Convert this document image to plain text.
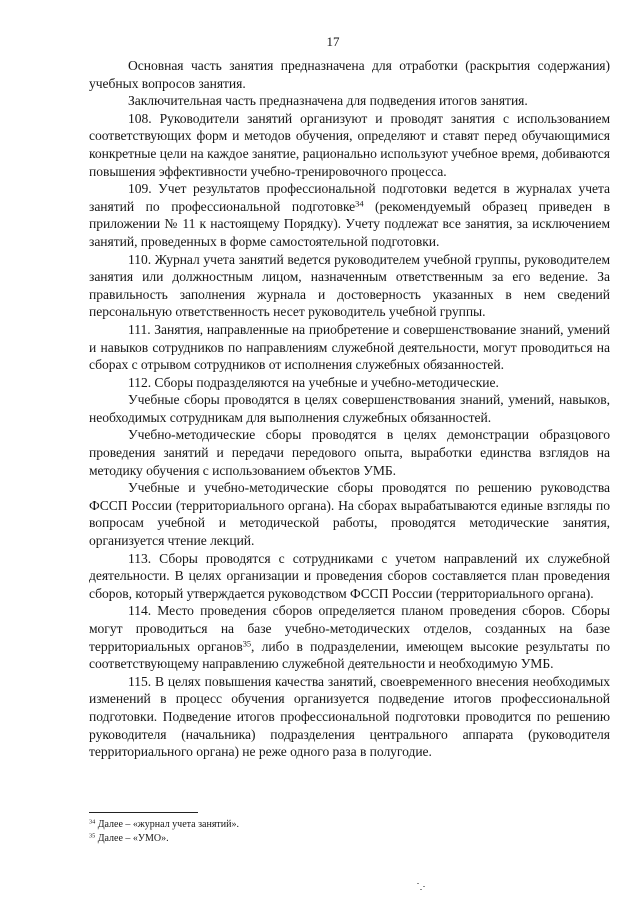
17

Основная часть занятия предназначена для отработки (раскрытия содержания) учебных вопросов занятия.

Заключительная часть предназначена для подведения итогов занятия.

108. Руководители занятий организуют и проводят занятия с использованием соответствующих форм и методов обучения, определяют и ставят перед обучающимися конкретные цели на каждое занятие, рационально используют учебное время, добиваются повышения эффективности учебно-тренировочного процесса.

109. Учет результатов профессиональной подготовки ведется в журналах учета занятий по профессиональной подготовке$^{34}$ (рекомендуемый образец приведен в приложении № 11 к настоящему Порядку). Учету подлежат все занятия, за исключением занятий, проведенных в форме самостоятельной подготовки.

110. Журнал учета занятий ведется руководителем учебной группы, руководителем занятия или должностным лицом, назначенным ответственным за его ведение. За правильность заполнения журнала и достоверность указанных в нем сведений персональную ответственность несет руководитель учебной группы.

111. Занятия, направленные на приобретение и совершенствование знаний, умений и навыков сотрудников по направлениям служебной деятельности, могут проводиться на сборах с отрывом сотрудников от исполнения служебных обязанностей.

112. Сборы подразделяются на учебные и учебно-методические.

Учебные сборы проводятся в целях совершенствования знаний, умений, навыков, необходимых сотрудникам для выполнения служебных обязанностей.

Учебно-методические сборы проводятся в целях демонстрации образцового проведения занятий и передачи передового опыта, выработки единства взглядов на методику обучения с использованием объектов УМБ.

Учебные и учебно-методические сборы проводятся по решению руководства ФССП России (территориального органа). На сборах вырабатываются единые взгляды по вопросам учебной и методической работы, проводятся методические занятия, организуется чтение лекций.

113. Сборы проводятся с сотрудниками с учетом направлений их служебной деятельности. В целях организации и проведения сборов составляется план проведения сборов, который утверждается руководством ФССП России (территориального органа).

114. Место проведения сборов определяется планом проведения сборов. Сборы могут проводиться на базе учебно-методических отделов, созданных на базе территориальных органов$^{35}$, либо в подразделении, имеющем высокие результаты по соответствующему направлению служебной деятельности и необходимую УМБ.

115. В целях повышения качества занятий, своевременного внесения необходимых изменений в процесс обучения организуется подведение итогов профессиональной подготовки. Подведение итогов профессиональной подготовки проводится по решению руководителя (начальника) подразделения центрального аппарата (руководителя территориального органа) не реже одного раза в полугодие.

$^{34}$ Далее – «журнал учета занятий».
$^{35}$ Далее – «УМО».
